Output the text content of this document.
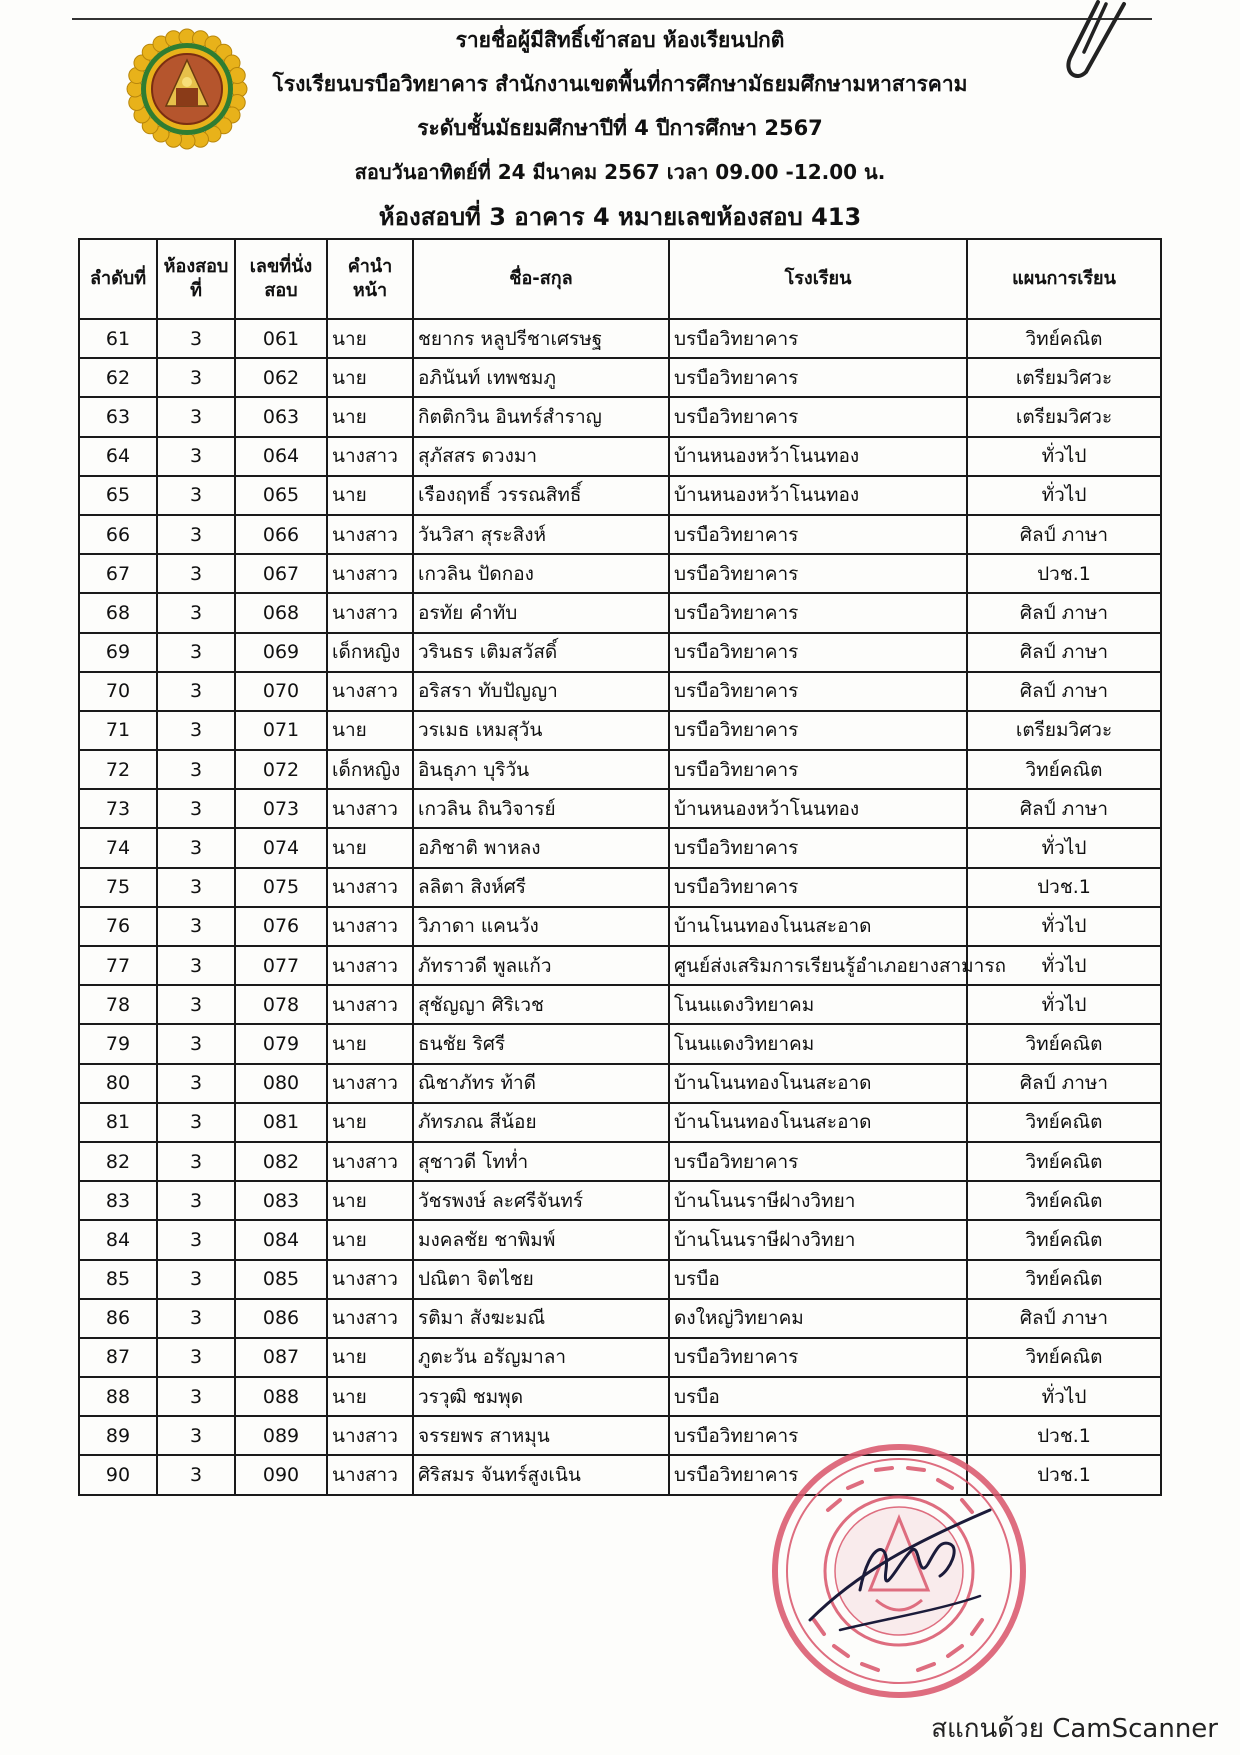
รายชื่อผู้มีสิทธิ์เข้าสอบ ห้องเรียนปกติ
โรงเรียนบรบือวิทยาคาร สำนักงานเขตพื้นที่การศึกษามัธยมศึกษามหาสารคาม
ระดับชั้นมัธยมศึกษาปีที่ 4 ปีการศึกษา 2567
สอบวันอาทิตย์ที่ 24 มีนาคม 2567 เวลา 09.00 -12.00 น.
ห้องสอบที่ 3 อาคาร 4 หมายเลขห้องสอบ 413
ลำดับที่	ห้องสอบที่	เลขที่นั่งสอบ	คำนำหน้า	ชื่อ-สกุล	โรงเรียน	แผนการเรียน
61	3	061	นาย	ชยากร หลูปรีชาเศรษฐ	บรบือวิทยาคาร	วิทย์คณิต
62	3	062	นาย	อภินันท์ เทพชมภู	บรบือวิทยาคาร	เตรียมวิศวะ
63	3	063	นาย	กิตติกวิน อินทร์สำราญ	บรบือวิทยาคาร	เตรียมวิศวะ
64	3	064	นางสาว	สุภัสสร ดวงมา	บ้านหนองหว้าโนนทอง	ทั่วไป
65	3	065	นาย	เรืองฤทธิ์ วรรณสิทธิ์	บ้านหนองหว้าโนนทอง	ทั่วไป
66	3	066	นางสาว	วันวิสา สุระสิงห์	บรบือวิทยาคาร	ศิลป์ ภาษา
67	3	067	นางสาว	เกวลิน ปัดกอง	บรบือวิทยาคาร	ปวช.1
68	3	068	นางสาว	อรทัย คำทับ	บรบือวิทยาคาร	ศิลป์ ภาษา
69	3	069	เด็กหญิง	วรินธร เติมสวัสดิ์	บรบือวิทยาคาร	ศิลป์ ภาษา
70	3	070	นางสาว	อริสรา ทับปัญญา	บรบือวิทยาคาร	ศิลป์ ภาษา
71	3	071	นาย	วรเมธ เหมสุวัน	บรบือวิทยาคาร	เตรียมวิศวะ
72	3	072	เด็กหญิง	อินธุภา บุริวัน	บรบือวิทยาคาร	วิทย์คณิต
73	3	073	นางสาว	เกวลิน ถินวิจารย์	บ้านหนองหว้าโนนทอง	ศิลป์ ภาษา
74	3	074	นาย	อภิชาติ พาหลง	บรบือวิทยาคาร	ทั่วไป
75	3	075	นางสาว	ลลิตา สิงห์ศรี	บรบือวิทยาคาร	ปวช.1
76	3	076	นางสาว	วิภาดา แคนวัง	บ้านโนนทองโนนสะอาด	ทั่วไป
77	3	077	นางสาว	ภัทราวดี พูลแก้ว	ศูนย์ส่งเสริมการเรียนรู้อำเภอยางสามารถ	ทั่วไป
78	3	078	นางสาว	สุชัญญา ศิริเวช	โนนแดงวิทยาคม	ทั่วไป
79	3	079	นาย	ธนชัย ริศรี	โนนแดงวิทยาคม	วิทย์คณิต
80	3	080	นางสาว	ณิชาภัทร ท้าดี	บ้านโนนทองโนนสะอาด	ศิลป์ ภาษา
81	3	081	นาย	ภัทรภณ สีน้อย	บ้านโนนทองโนนสะอาด	วิทย์คณิต
82	3	082	นางสาว	สุชาวดี โทท่ำ	บรบือวิทยาคาร	วิทย์คณิต
83	3	083	นาย	วัชรพงษ์ ละศรีจันทร์	บ้านโนนราษีฝางวิทยา	วิทย์คณิต
84	3	084	นาย	มงคลชัย ชาพิมพ์	บ้านโนนราษีฝางวิทยา	วิทย์คณิต
85	3	085	นางสาว	ปณิตา จิตไชย	บรบือ	วิทย์คณิต
86	3	086	นางสาว	รติมา สังฆะมณี	ดงใหญ่วิทยาคม	ศิลป์ ภาษา
87	3	087	นาย	ภูตะวัน อรัญมาลา	บรบือวิทยาคาร	วิทย์คณิต
88	3	088	นาย	วรวุฒิ ชมพุด	บรบือ	ทั่วไป
89	3	089	นางสาว	จรรยพร สาหมุน	บรบือวิทยาคาร	ปวช.1
90	3	090	นางสาว	ศิริสมร จันทร์สูงเนิน	บรบือวิทยาคาร	ปวช.1
สแกนด้วย CamScanner
